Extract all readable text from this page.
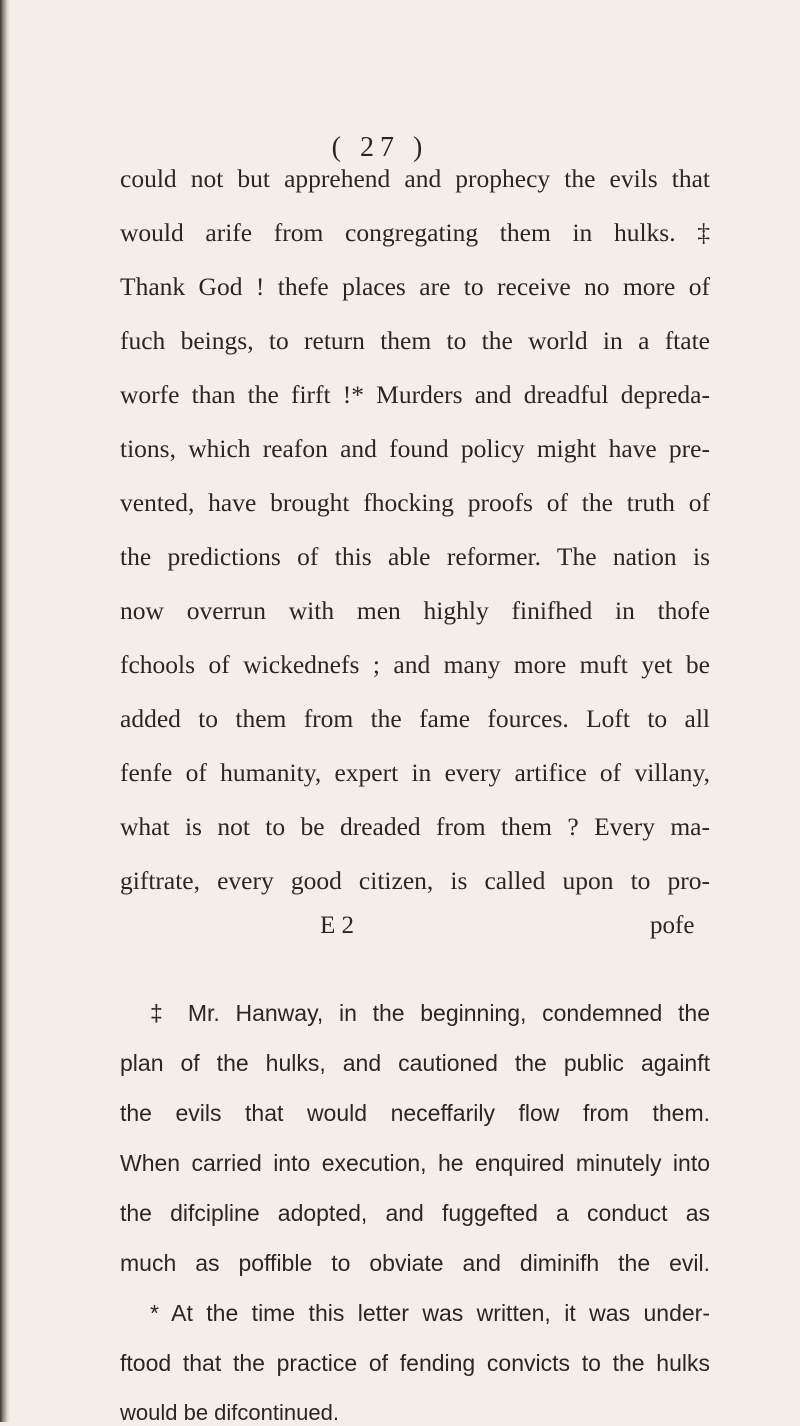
( 27 )
could not but apprehend and prophecy the evils that
would arife from congregating them in hulks. ‡
Thank God ! thefe places are to receive no more of
fuch beings, to return them to the world in a ftate
worfe than the firft !* Murders and dreadful depreda-
tions, which reafon and found policy might have pre-
vented, have brought fhocking proofs of the truth of
the predictions of this able reformer. The nation is
now overrun with men highly finifhed in thofe
fchools of wickednefs ; and many more muft yet be
added to them from the fame fources. Loft to all
fenfe of humanity, expert in every artifice of villany,
what is not to be dreaded from them ? Every ma-
giftrate, every good citizen, is called upon to pro-
E 2	pofe
‡ Mr. Hanway, in the beginning, condemned the
plan of the hulks, and cautioned the public againft
the evils that would neceffarily flow from them.
When carried into execution, he enquired minutely into
the difcipline adopted, and fuggefted a conduct as
much as poffible to obviate and diminifh the evil.
* At the time this letter was written, it was under-
ftood that the practice of fending convicts to the hulks
would be difcontinued.
